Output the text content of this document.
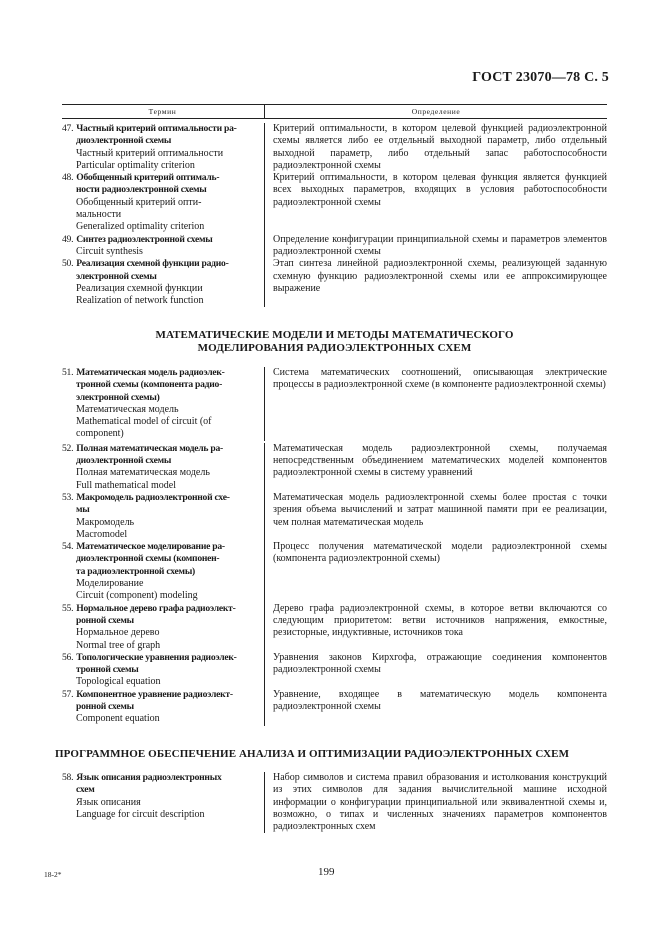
ГОСТ 23070—78 С. 5
Термин	Определение
47. Частный критерий оптимальности ра-
диоэлектронной схемы
Частный критерий оптимальности
Particular optimality criterion
Критерий оптимальности, в котором целевой функцией радиоэлектронной схемы является либо ее отдельный выходной параметр, либо отдельный выходной параметр, либо отдельный запас работоспособности радиоэлектронной схемы
48. Обобщенный критерий оптималь-
ности радиоэлектронной схемы
Обобщенный критерий опти-
мальности
Generalized optimality criterion
Критерий оптимальности, в котором целевая функция является функцией всех выходных параметров, входящих в условия работоспособности радиоэлектронной схемы
49. Синтез радиоэлектронной схемы
Circuit synthesis
Определение конфигурации принципиальной схемы и параметров элементов радиоэлектронной схемы
50. Реализация схемной функции радио-
электронной схемы
Реализация схемной функции
Realization of network function
Этап синтеза линейной радиоэлектронной схемы, реализующей заданную схемную функцию радиоэлектронной схемы или ее аппроксимирующее выражение
МАТЕМАТИЧЕСКИЕ МОДЕЛИ И МЕТОДЫ МАТЕМАТИЧЕСКОГО
МОДЕЛИРОВАНИЯ РАДИОЭЛЕКТРОННЫХ СХЕМ
51. Математическая модель радиоэлек-
тронной схемы (компонента радио-
электронной схемы)
Математическая модель
Mathematical model of circuit (of
component)
Система математических соотношений, описывающая электрические процессы в радиоэлектронной схеме (в компоненте радиоэлектронной схемы)
52. Полная математическая модель ра-
диоэлектронной схемы
Полная математическая модель
Full mathematical model
Математическая модель радиоэлектронной схемы, получаемая непосредственным объединением математических моделей компонентов радиоэлектронной схемы в систему уравнений
53. Макромодель радиоэлектронной схе-
мы
Макромодель
Macromodel
Математическая модель радиоэлектронной схемы более простая с точки зрения объема вычислений и затрат машинной памяти при ее реализации, чем полная математическая модель
54. Математическое моделирование ра-
диоэлектронной схемы (компонен-
та радиоэлектронной схемы)
Моделирование
Circuit (component) modeling
Процесс получения математической модели радиоэлектронной схемы (компонента радиоэлектронной схемы)
55. Нормальное дерево графа радиоэлект-
ронной схемы
Нормальное дерево
Normal tree of graph
Дерево графа радиоэлектронной схемы, в которое ветви включаются со следующим приоритетом: ветви источников напряжения, емкостные, резисторные, индуктивные, источников тока
56. Топологические уравнения радиоэлек-
тронной схемы
Topological equation
Уравнения законов Кирхгофа, отражающие соединения компонентов радиоэлектронной схемы
57. Компонентное уравнение радиоэлект-
ронной схемы
Component equation
Уравнение, входящее в математическую модель компонента радиоэлектронной схемы
ПРОГРАММНОЕ ОБЕСПЕЧЕНИЕ АНАЛИЗА И ОПТИМИЗАЦИИ РАДИОЭЛЕКТРОННЫХ СХЕМ
58. Язык описания радиоэлектронных
схем
Язык описания
Language for circuit description
Набор символов и система правил образования и истолкования конструкций из этих символов для задания вычислительной машине исходной информации о конфигурации принципиальной или эквивалентной схемы и, возможно, о типах и численных значениях параметров компонентов радиоэлектронных схем
18-2*	199
